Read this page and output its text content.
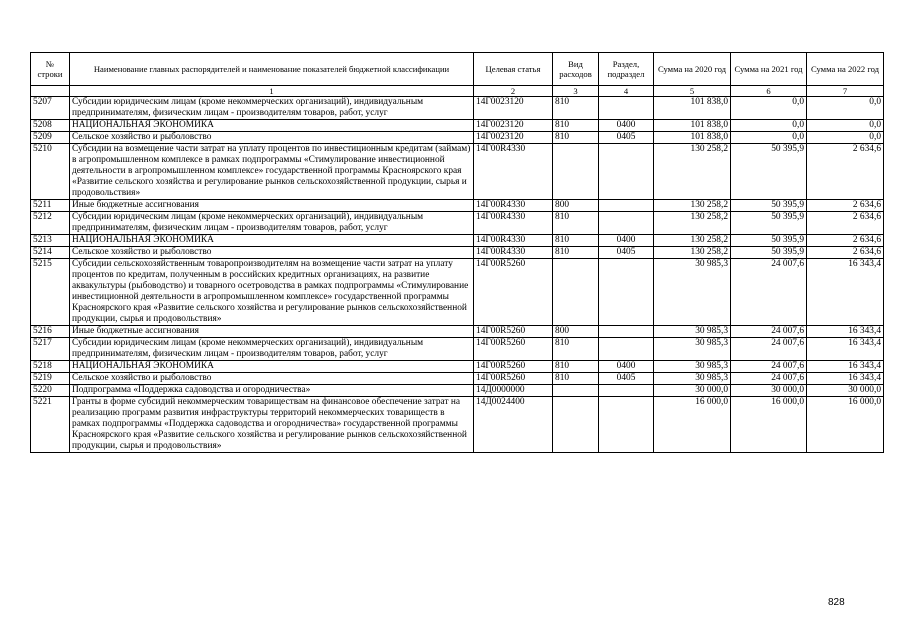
№ строки	Наименование главных распорядителей и наименование показателей бюджетной классификации	Целевая статья	Вид расходов	Раздел, подраздел	Сумма на 2020 год	Сумма на 2021 год	Сумма на 2022 год
	1	2	3	4	5	6	7
5207	Субсидии юридическим лицам (кроме некоммерческих организаций), индивидуальным предпринимателям, физическим лицам - производителям товаров, работ, услуг	14Г0023120	810		101 838,0	0,0	0,0
5208	НАЦИОНАЛЬНАЯ ЭКОНОМИКА	14Г0023120	810	0400	101 838,0	0,0	0,0
5209	Сельское хозяйство и рыболовство	14Г0023120	810	0405	101 838,0	0,0	0,0
5210	Субсидии на возмещение части затрат на уплату процентов по инвестиционным кредитам (займам) в агропромышленном комплексе в рамках подпрограммы «Стимулирование инвестиционной деятельности в агропромышленном комплексе» государственной программы Красноярского края «Развитие сельского хозяйства и регулирование рынков сельскохозяйственной продукции, сырья и продовольствия»	14Г00R4330			130 258,2	50 395,9	2 634,6
5211	Иные бюджетные ассигнования	14Г00R4330	800		130 258,2	50 395,9	2 634,6
5212	Субсидии юридическим лицам (кроме некоммерческих организаций), индивидуальным предпринимателям, физическим лицам - производителям товаров, работ, услуг	14Г00R4330	810		130 258,2	50 395,9	2 634,6
5213	НАЦИОНАЛЬНАЯ ЭКОНОМИКА	14Г00R4330	810	0400	130 258,2	50 395,9	2 634,6
5214	Сельское хозяйство и рыболовство	14Г00R4330	810	0405	130 258,2	50 395,9	2 634,6
5215	Субсидии сельскохозяйственным товаропроизводителям на возмещение части затрат на уплату процентов по кредитам, полученным в российских кредитных организациях, на развитие аквакультуры (рыбоводство) и товарного осетроводства в рамках подпрограммы «Стимулирование инвестиционной деятельности в агропромышленном комплексе» государственной программы Красноярского края «Развитие сельского хозяйства и регулирование рынков сельскохозяйственной продукции, сырья и продовольствия»	14Г00R5260			30 985,3	24 007,6	16 343,4
5216	Иные бюджетные ассигнования	14Г00R5260	800		30 985,3	24 007,6	16 343,4
5217	Субсидии юридическим лицам (кроме некоммерческих организаций), индивидуальным предпринимателям, физическим лицам - производителям товаров, работ, услуг	14Г00R5260	810		30 985,3	24 007,6	16 343,4
5218	НАЦИОНАЛЬНАЯ ЭКОНОМИКА	14Г00R5260	810	0400	30 985,3	24 007,6	16 343,4
5219	Сельское хозяйство и рыболовство	14Г00R5260	810	0405	30 985,3	24 007,6	16 343,4
5220	Подпрограмма «Поддержка садоводства и огородничества»	14Д0000000			30 000,0	30 000,0	30 000,0
5221	Гранты в форме субсидий некоммерческим товариществам на финансовое обеспечение затрат на реализацию программ развития инфраструктуры территорий некоммерческих товариществ в рамках подпрограммы «Поддержка садоводства и огородничества» государственной программы Красноярского края «Развитие сельского хозяйства и регулирование рынков сельскохозяйственной продукции, сырья и продовольствия»	14Д0024400			16 000,0	16 000,0	16 000,0
828
